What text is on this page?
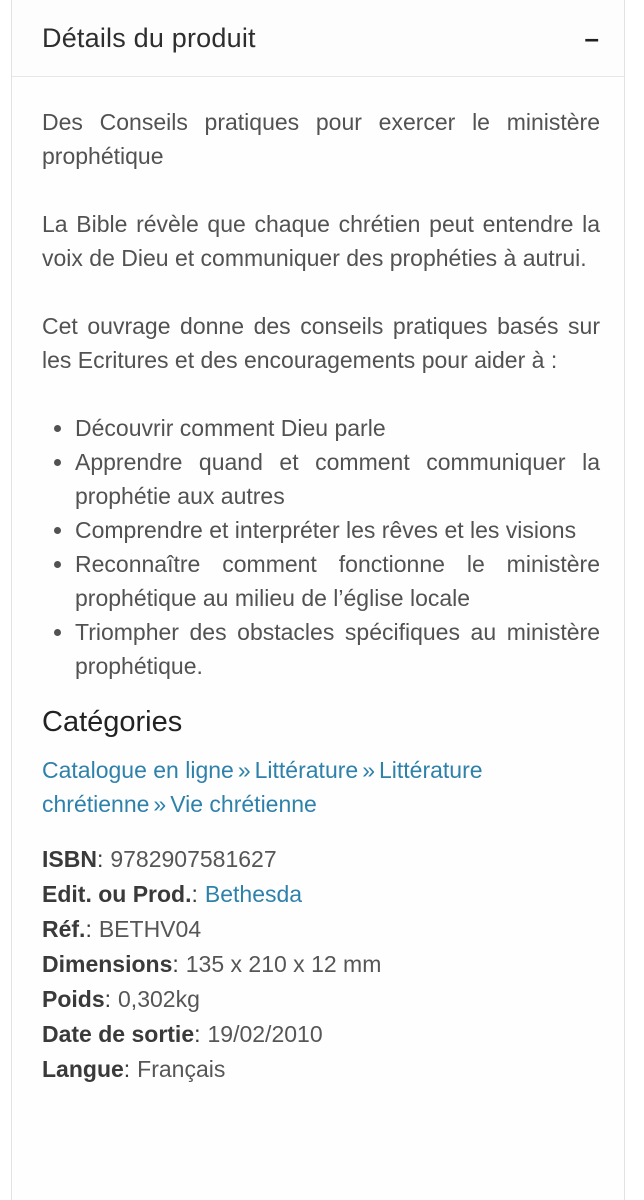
Détails du produit	–

Des Conseils pratiques pour exercer le ministère prophétique

La Bible révèle que chaque chrétien peut entendre la voix de Dieu et communiquer des prophéties à autrui.

Cet ouvrage donne des conseils pratiques basés sur les Ecritures et des encouragements pour aider à :

• Découvrir comment Dieu parle
• Apprendre quand et comment communiquer la prophétie aux autres
• Comprendre et interpréter les rêves et les visions
• Reconnaître comment fonctionne le ministère prophétique au milieu de l’église locale
• Triompher des obstacles spécifiques au ministère prophétique.
Catégories
Catalogue en ligne » Littérature » Littérature chrétienne » Vie chrétienne
ISBN: 9782907581627
Edit. ou Prod.: Bethesda
Réf.: BETHV04
Dimensions: 135 x 210 x 12 mm
Poids: 0,302kg
Date de sortie: 19/02/2010
Langue: Français
